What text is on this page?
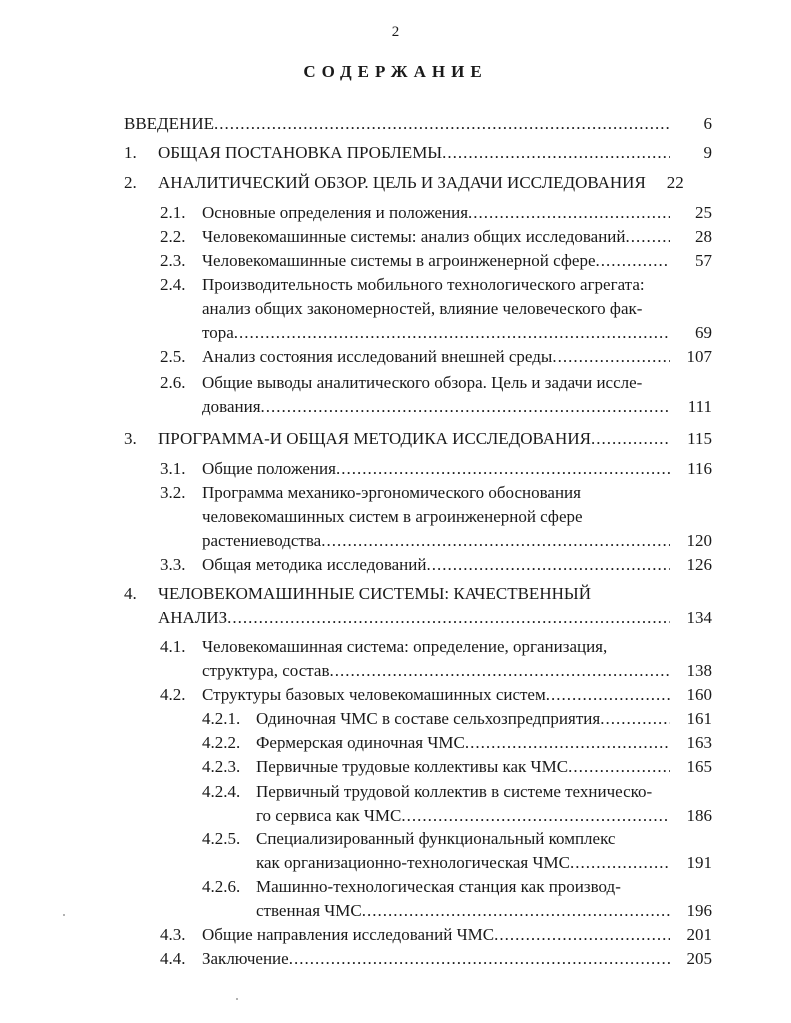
2
СОДЕРЖАНИЕ
ВВЕДЕНИЕ .....	6
1. ОБЩАЯ ПОСТАНОВКА ПРОБЛЕМЫ .....	9
2. АНАЛИТИЧЕСКИЙ ОБЗОР. ЦЕЛЬ И ЗАДАЧИ ИССЛЕДОВАНИЯ	22
2.1. Основные определения и положения .....	25
2.2. Человекомашинные системы: анализ общих исследований .....	28
2.3. Человекомашинные системы в агроинженерной сфере .....	57
2.4. Производительность мобильного технологического агрегата:
анализ общих закономерностей, влияние человеческого фак-
тора .....	69
2.5. Анализ состояния исследований внешней среды .....	107
2.6. Общие выводы аналитического обзора. Цель и задачи иссле-
дования .....	111
3. ПРОГРАММА-И ОБЩАЯ МЕТОДИКА ИССЛЕДОВАНИЯ .....	115
3.1. Общие положения .....	116
3.2. Программа механико-эргономического обоснования
человекомашинных систем в агроинженерной сфере
растениеводства .....	120
3.3. Общая методика исследований .....	126
4. ЧЕЛОВЕКОМАШИННЫЕ СИСТЕМЫ: КАЧЕСТВЕННЫЙ
АНАЛИЗ .....	134
4.1. Человекомашинная система: определение, организация,
структура, состав .....	138
4.2. Структуры базовых человекомашинных систем .....	160
4.2.1. Одиночная ЧМС в составе сельхозпредприятия .....	161
4.2.2. Фермерская одиночная ЧМС .....	163
4.2.3. Первичные трудовые коллективы как ЧМС .....	165
4.2.4. Первичный трудовой коллектив в системе техническо-
го сервиса как ЧМС .....	186
4.2.5. Специализированный функциональный комплекс
как организационно-технологическая ЧМС .....	191
4.2.6. Машинно-технологическая станция как производ-
ственная ЧМС .....	196
4.3. Общие направления исследований ЧМС .....	201
4.4. Заключение .....	205
